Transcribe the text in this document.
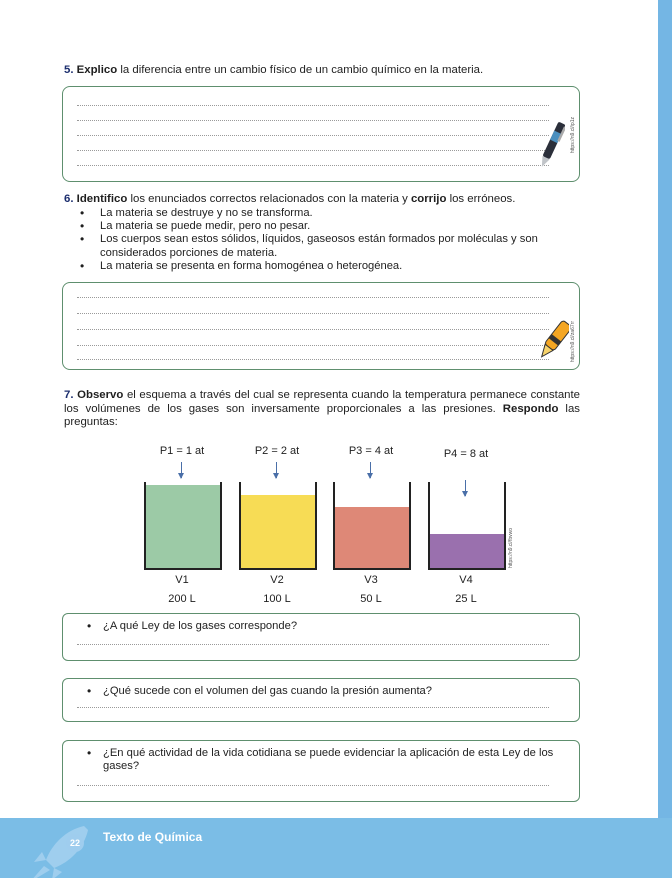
5. Explico la diferencia entre un cambio físico de un cambio químico en la materia.
https://n9.cl/ip1z
6. Identifico los enunciados correctos relacionados con la materia y corrijo los erróneos.
• La materia se destruye y no se transforma.
• La materia se puede medir, pero no pesar.
• Los cuerpos sean estos sólidos, líquidos, gaseosos están formados por moléculas y son considerados porciones de materia.
• La materia se presenta en forma homogénea o heterogénea.
https://n9.cl/za67rr
7. Observo el esquema a través del cual se representa cuando la temperatura permanece constante los volúmenes de los gases son inversamente proporcionales a las presiones. Respondo las preguntas:
P1 = 1 at	P2 = 2 at	P3 = 4 at	P4 = 8 at
https://n9.cl/fbvwo
V1	V2	V3	V4
200 L	100 L	50 L	25 L
• ¿A qué Ley de los gases corresponde?
• ¿Qué sucede con el volumen del gas cuando la presión aumenta?
• ¿En qué actividad de la vida cotidiana se puede evidenciar la aplicación de esta Ley de los gases?
22	Texto de Química
